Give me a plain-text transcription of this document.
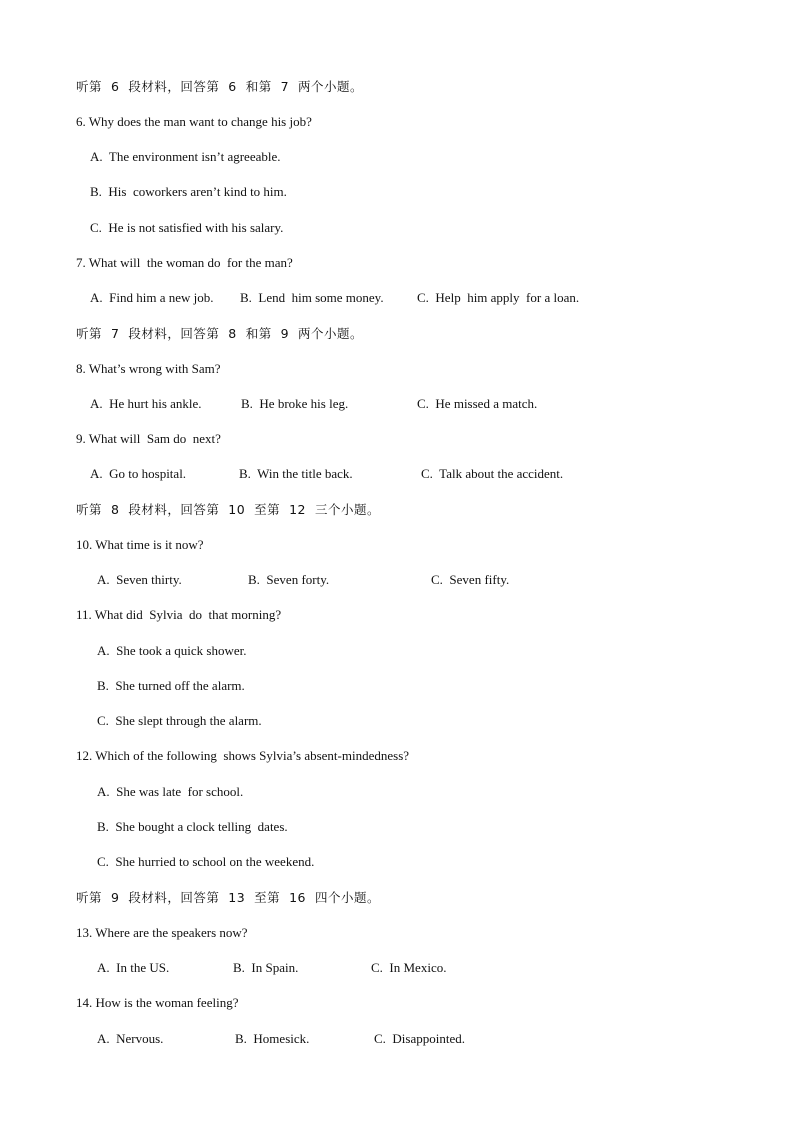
听第  6  段材料，回答第  6  和第  7  两个小题。
6. Why does the man want to change his job?
A.  The environment isn’t agreeable.
B.  His  coworkers aren’t kind to him.
C.  He is not satisfied with his salary.
7. What will  the woman do  for the man?
A.  Find him a new job. B.  Lend  him some money.	C.  Help  him apply  for a loan.
听第  7  段材料，回答第  8  和第  9  两个小题。
8. What’s wrong with Sam?
A.  He hurt his ankle.	B.  He broke his leg.	C.  He missed a match.
9. What will  Sam do  next?
A.  Go to hospital.	B.  Win the title back.	C.  Talk about the accident.
听第  8  段材料，回答第  10  至第  12  三个小题。
10. What time is it now?
A.  Seven thirty.	B.  Seven forty.	C.  Seven fifty.
11. What did  Sylvia  do  that morning?
A.  She took a quick shower.
B.  She turned off the alarm.
C.  She slept through the alarm.
12. Which of the following  shows Sylvia’s absent-mindedness?
A.  She was late  for school.
B.  She bought a clock telling  dates.
C.  She hurried to school on the weekend.
听第  9  段材料，回答第  13  至第  16  四个小题。
13. Where are the speakers now?
A.  In the US.	B.  In Spain.	C.  In Mexico.
14. How is the woman feeling?
A.  Nervous.	B.  Homesick.	C.  Disappointed.
